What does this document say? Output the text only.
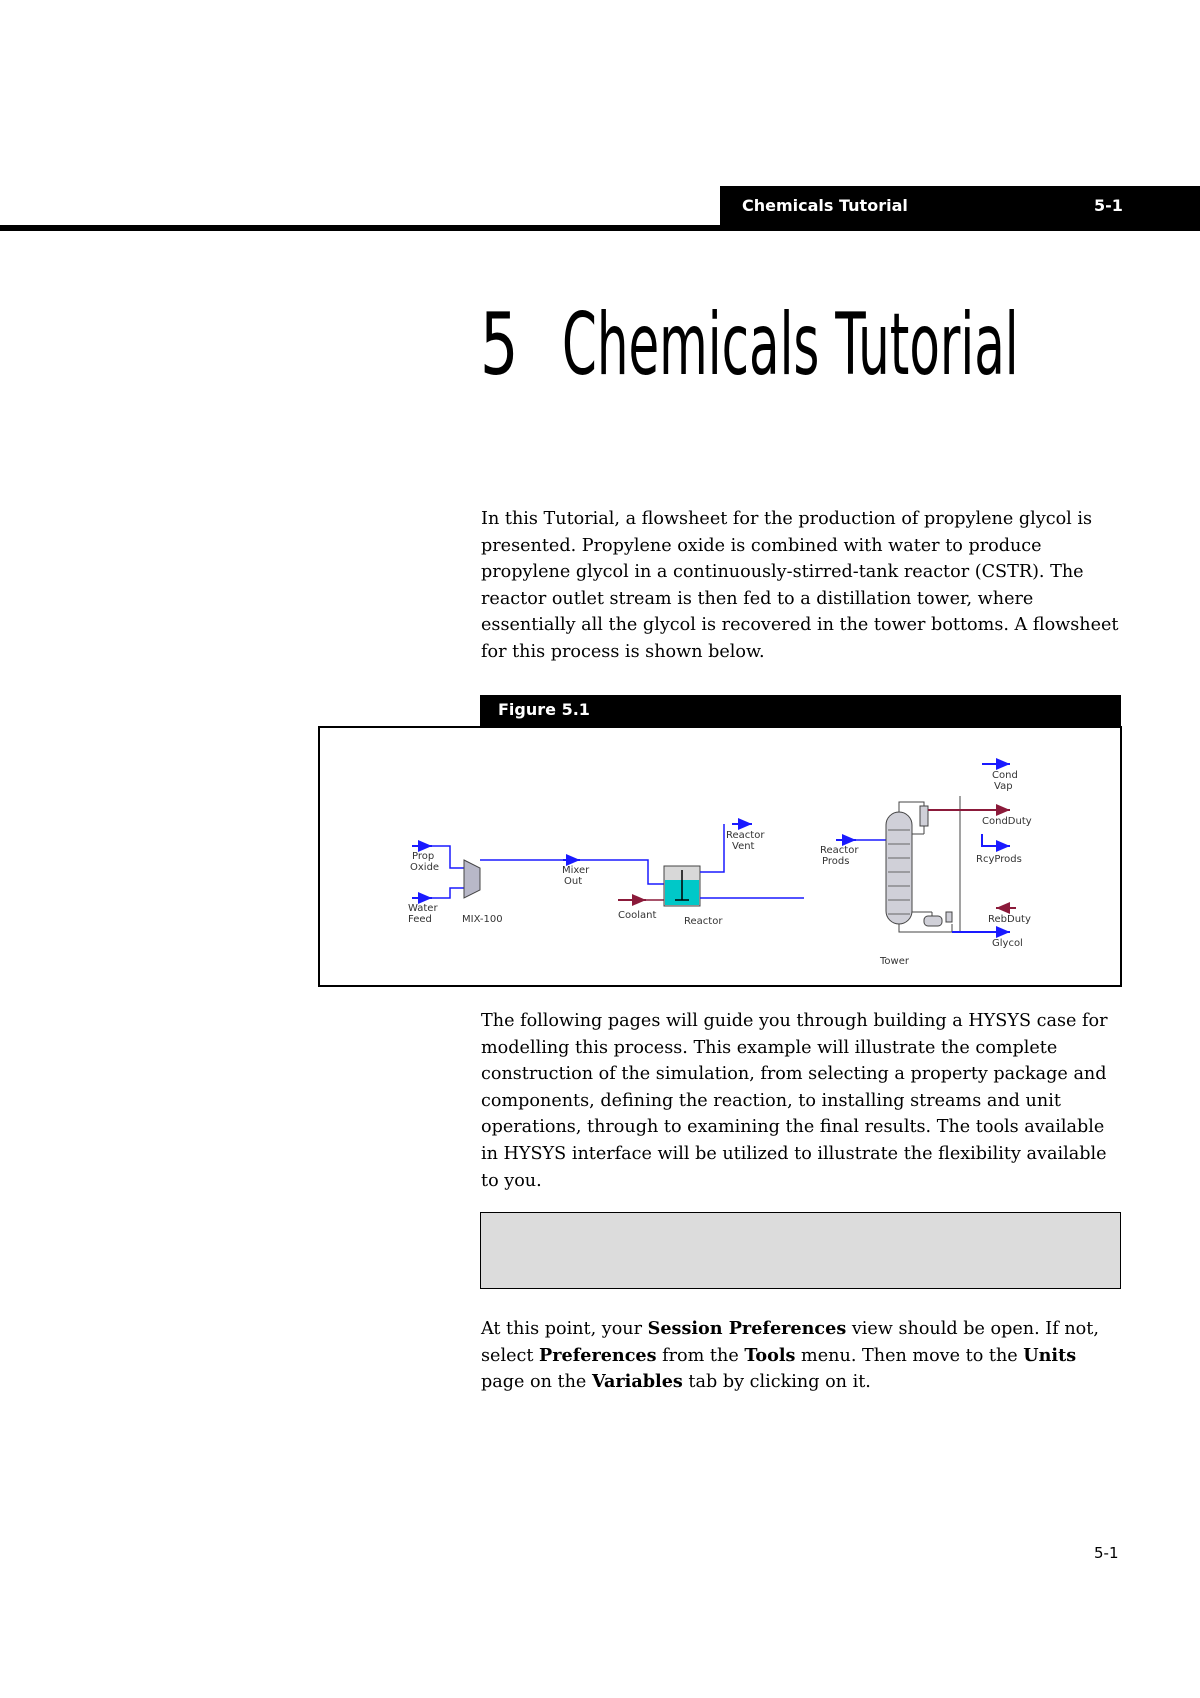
Chemicals Tutorial	5-1
5 Chemicals Tutorial

In this Tutorial, a flowsheet for the production of propylene glycol is presented. Propylene oxide is combined with water to produce propylene glycol in a continuously-stirred-tank reactor (CSTR). The reactor outlet stream is then fed to a distillation tower, where essentially all the glycol is recovered in the tower bottoms. A flowsheet for this process is shown below.

Figure 5.1
Prop
Oxide
Water
Feed	MIX-100
Mixer
Out
Coolant
Reactor
Reactor
Vent	Reactor
Prods
Tower
Cond
Vap
CondDuty
RcyProds
RebDuty
Glycol

The following pages will guide you through building a HYSYS case for modelling this process. This example will illustrate the complete construction of the simulation, from selecting a property package and components, defining the reaction, to installing streams and unit operations, through to examining the final results. The tools available in HYSYS interface will be utilized to illustrate the flexibility available to you.

At this point, your Session Preferences view should be open. If not, select Preferences from the Tools menu. Then move to the Units page on the Variables tab by clicking on it.

5-1
